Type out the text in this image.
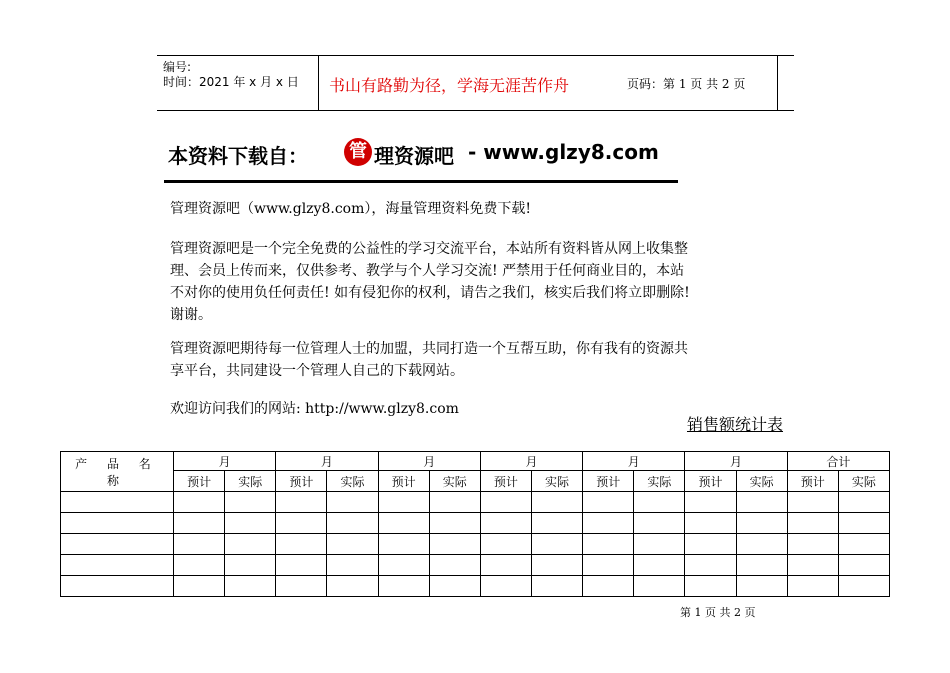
编号:
时间：2021 年 x 月 x 日 书山有路勤为径，学海无涯苦作舟	页码：第 1 页 共 2 页
本资料下载自： 管 理资源吧 - www.glzy8.com
管理资源吧（www.glzy8.com），海量管理资料免费下载!
管理资源吧是一个完全免费的公益性的学习交流平台，本站所有资料皆从网上收集整理、会员上传而来，仅供参考、教学与个人学习交流! 严禁用于任何商业目的，本站不对你的使用负任何责任! 如有侵犯你的权利，请告之我们，核实后我们将立即删除! 谢谢。
管理资源吧期待每一位管理人士的加盟，共同打造一个互帮互助，你有我有的资源共享平台，共同建设一个管理人自己的下载网站。
欢迎访问我们的网站: http://www.glzy8.com
销售额统计表
产 品 名 称	月		月		月		月		月		月		合计	
	预计	实际	预计	实际	预计	实际	预计	实际	预计	实际	预计	实际	预计	实际

第 1 页 共 2 页
